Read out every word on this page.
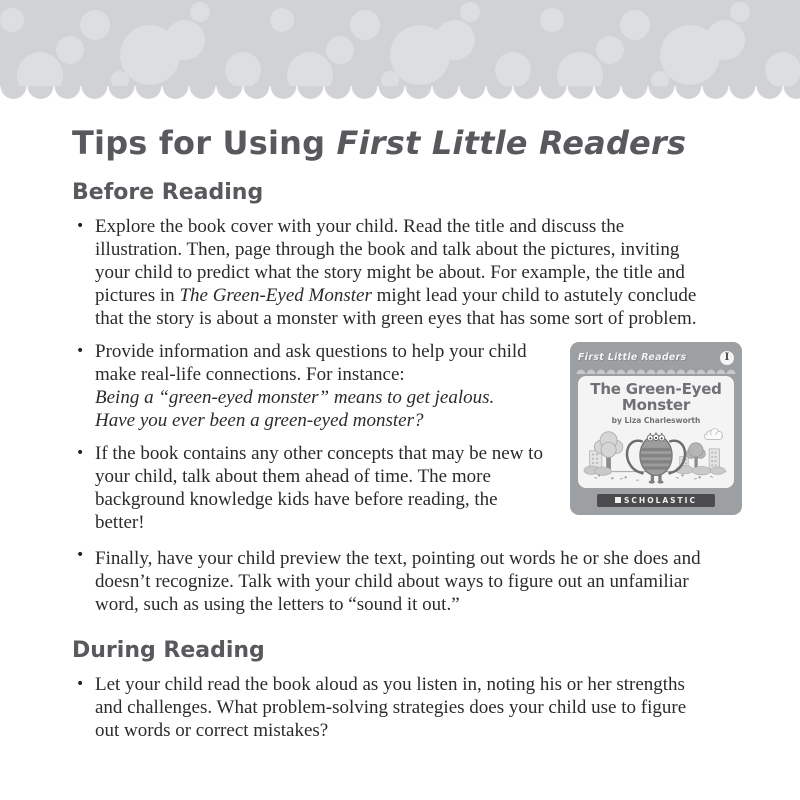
Tips for Using First Little Readers
Before Reading
• Explore the book cover with your child. Read the title and discuss the illustration. Then, page through the book and talk about the pictures, inviting your child to predict what the story might be about. For example, the title and pictures in The Green-Eyed Monster might lead your child to astutely conclude that the story is about a monster with green eyes that has some sort of problem.
First Little Readers	I
The Green-Eyed Monster
by Liza Charlesworth
SCHOLASTIC
• Provide information and ask questions to help your child make real-life connections. For instance:
Being a “green-eyed monster” means to get jealous.
Have you ever been a green-eyed monster?
• If the book contains any other concepts that may be new to your child, talk about them ahead of time. The more background knowledge kids have before reading, the better!
• Finally, have your child preview the text, pointing out words he or she does and doesn’t recognize. Talk with your child about ways to figure out an unfamiliar word, such as using the letters to “sound it out.”
During Reading
• Let your child read the book aloud as you listen in, noting his or her strengths and challenges. What problem-solving strategies does your child use to figure out words or correct mistakes?
